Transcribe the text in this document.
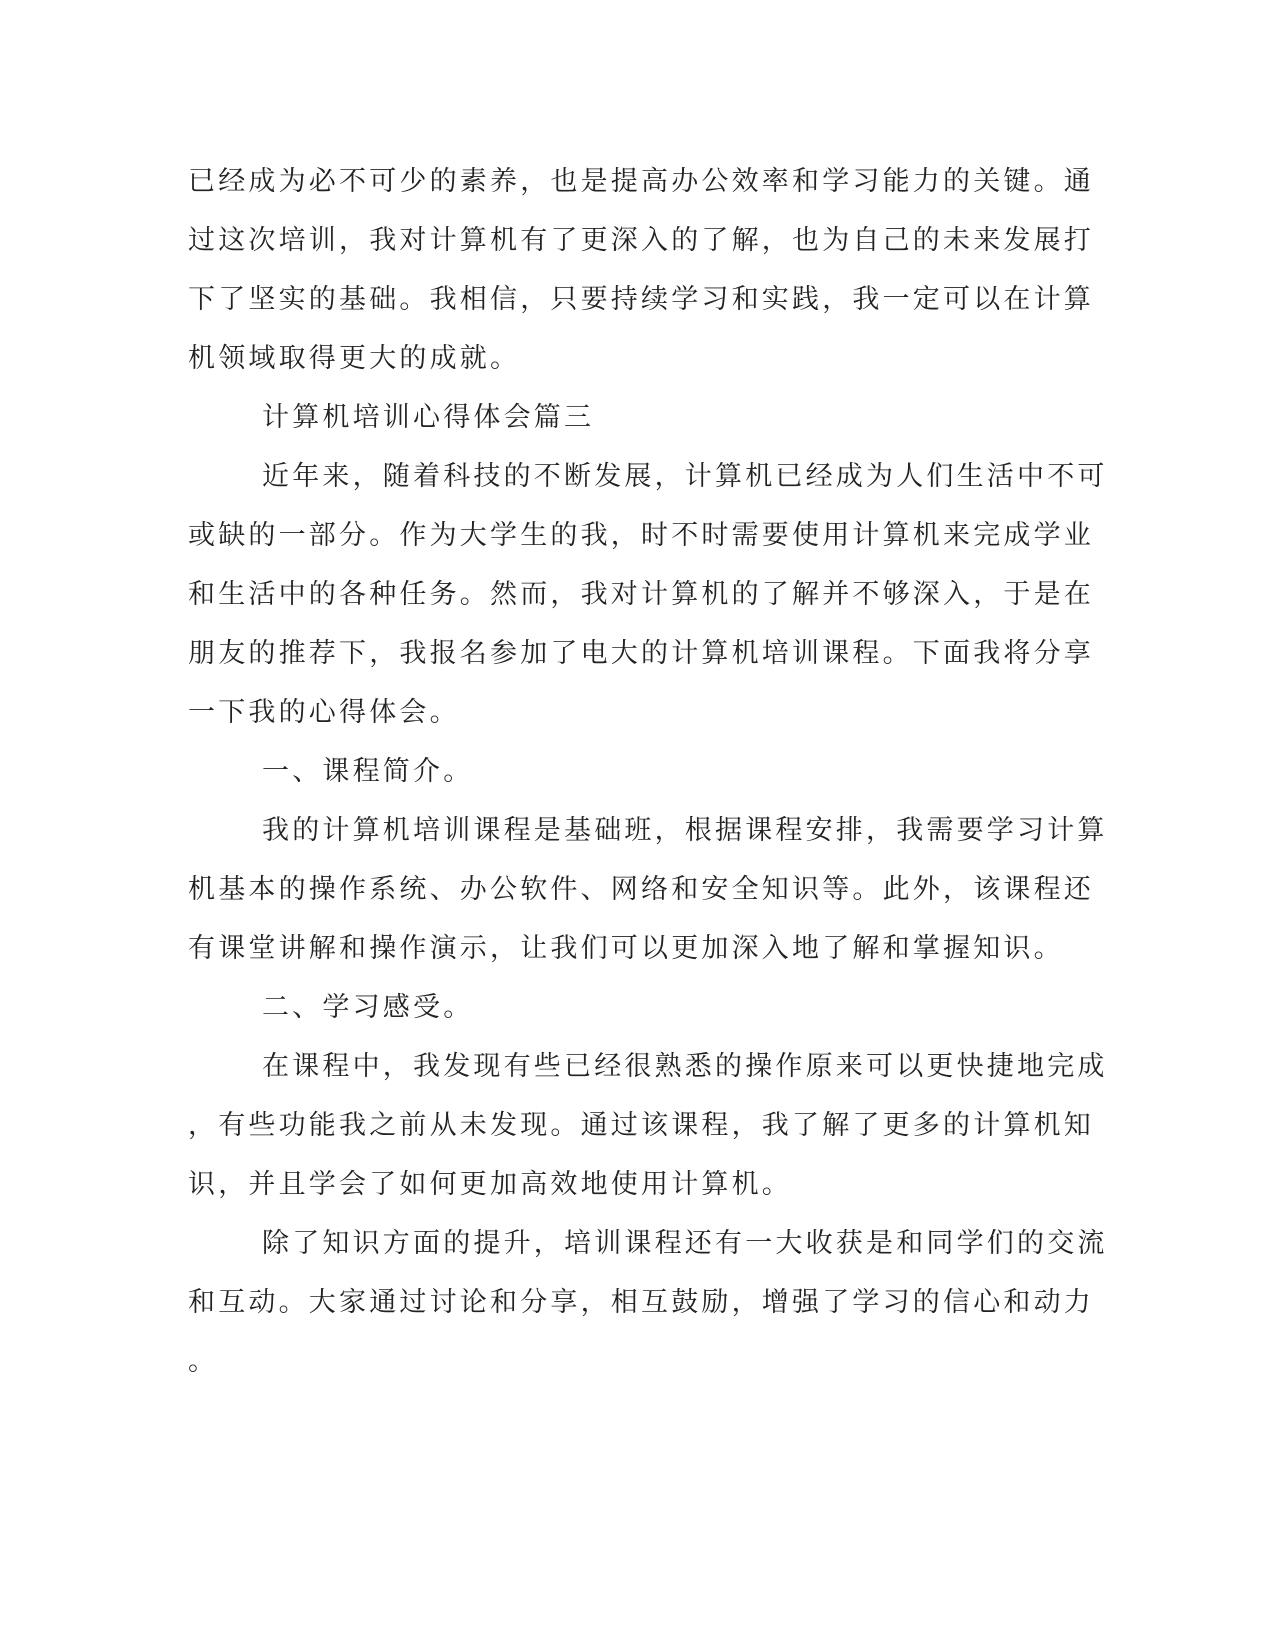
已经成为必不可少的素养，也是提高办公效率和学习能力的关键。通
过这次培训，我对计算机有了更深入的了解，也为自己的未来发展打
下了坚实的基础。我相信，只要持续学习和实践，我一定可以在计算
机领域取得更大的成就。
计算机培训心得体会篇三
近年来，随着科技的不断发展，计算机已经成为人们生活中不可
或缺的一部分。作为大学生的我，时不时需要使用计算机来完成学业
和生活中的各种任务。然而，我对计算机的了解并不够深入，于是在
朋友的推荐下，我报名参加了电大的计算机培训课程。下面我将分享
一下我的心得体会。
一、课程简介。
我的计算机培训课程是基础班，根据课程安排，我需要学习计算
机基本的操作系统、办公软件、网络和安全知识等。此外，该课程还
有课堂讲解和操作演示，让我们可以更加深入地了解和掌握知识。
二、学习感受。
在课程中，我发现有些已经很熟悉的操作原来可以更快捷地完成
，有些功能我之前从未发现。通过该课程，我了解了更多的计算机知
识，并且学会了如何更加高效地使用计算机。
除了知识方面的提升，培训课程还有一大收获是和同学们的交流
和互动。大家通过讨论和分享，相互鼓励，增强了学习的信心和动力
。
